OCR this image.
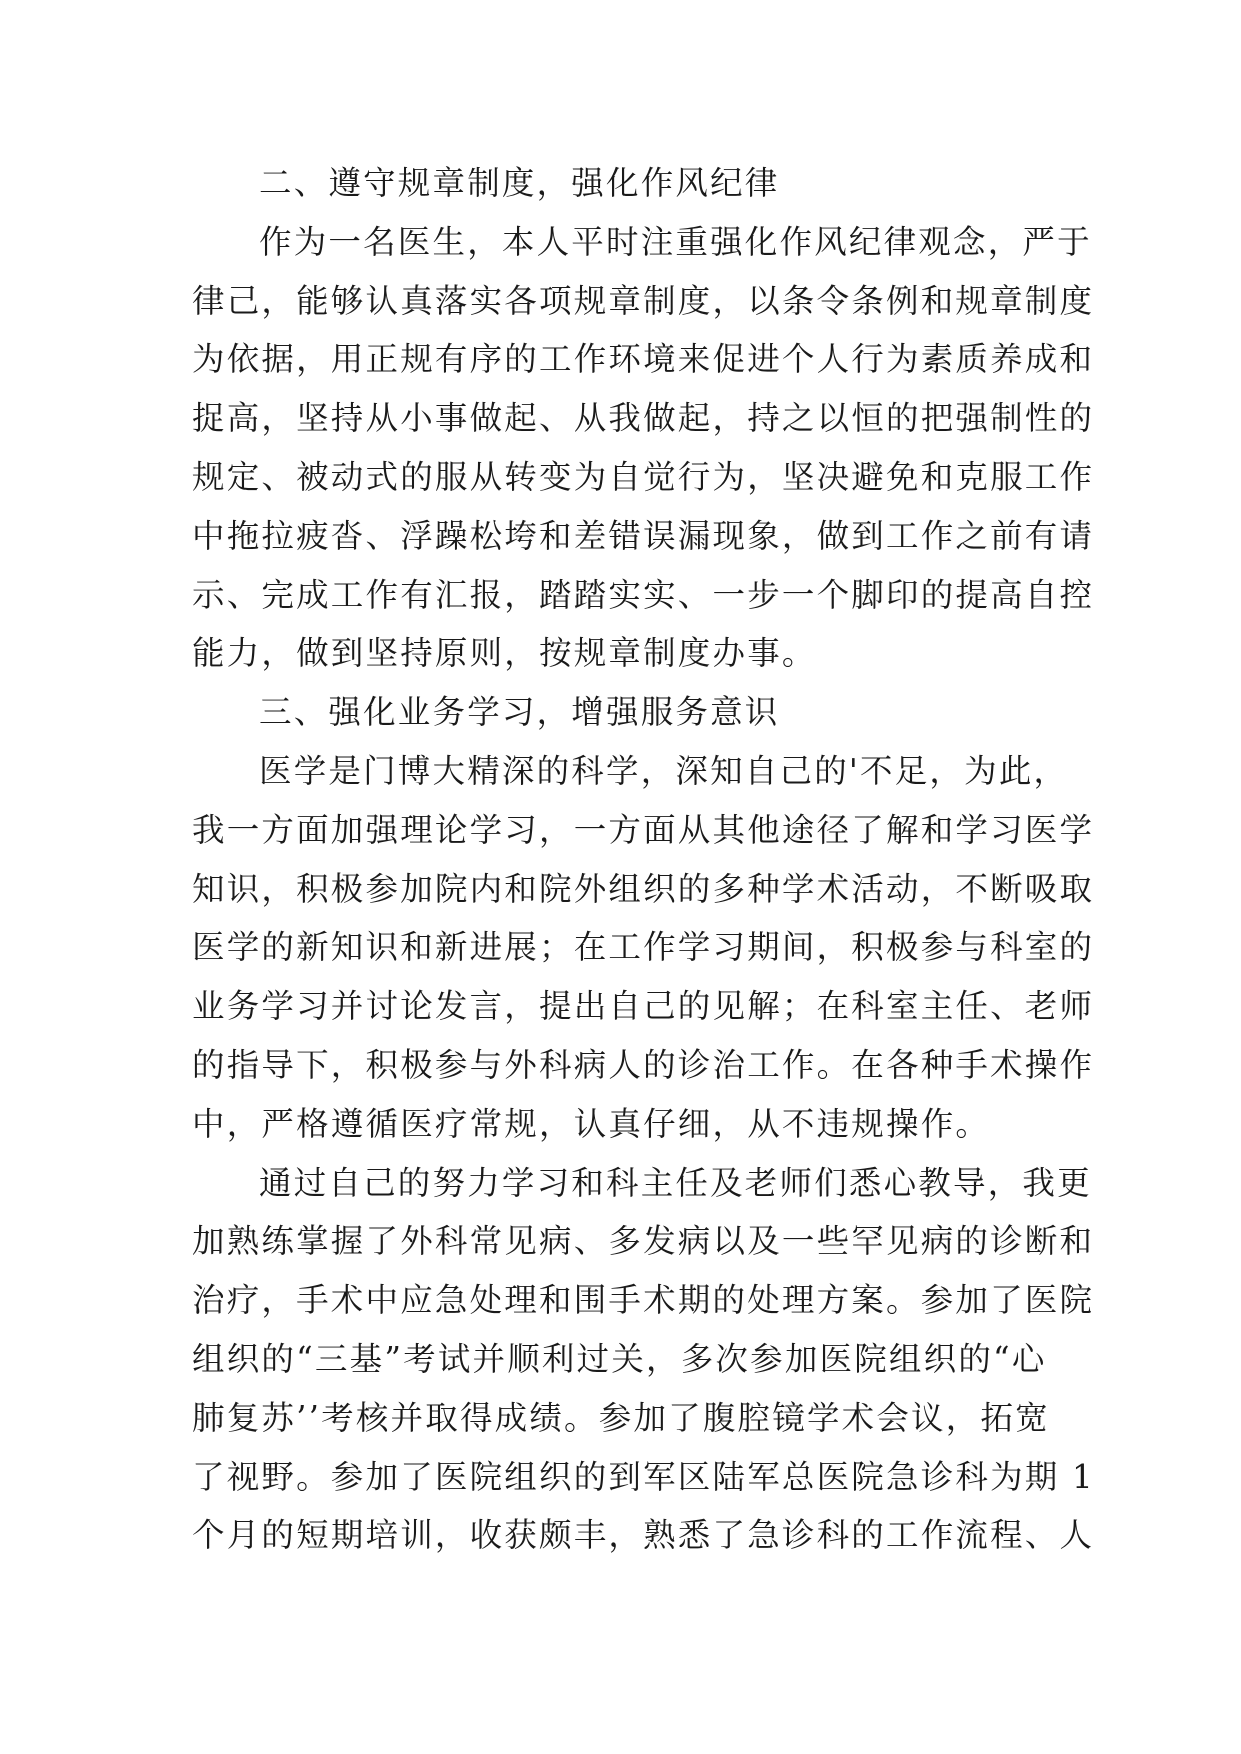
二、遵守规章制度，强化作风纪律
作为一名医生，本人平时注重强化作风纪律观念，严于
律己，能够认真落实各项规章制度，以条令条例和规章制度
为依据，用正规有序的工作环境来促进个人行为素质养成和
捉高，坚持从小事做起、从我做起，持之以恒的把强制性的
规定、被动式的服从转变为自觉行为，坚决避免和克服工作
中拖拉疲沓、浮躁松垮和差错误漏现象，做到工作之前有请
示、完成工作有汇报，踏踏实实、一步一个脚印的提高自控
能力，做到坚持原则，按规章制度办事。
三、强化业务学习，增强服务意识
医学是门博大精深的科学，深知自己的'不足，为此，
我一方面加强理论学习，一方面从其他途径了解和学习医学
知识，积极参加院内和院外组织的多种学术活动，不断吸取
医学的新知识和新进展；在工作学习期间，积极参与科室的
业务学习并讨论发言，提出自己的见解；在科室主任、老师
的指导下，积极参与外科病人的诊治工作。在各种手术操作
中，严格遵循医疗常规，认真仔细，从不违规操作。
通过自己的努力学习和科主任及老师们悉心教导，我更
加熟练掌握了外科常见病、多发病以及一些罕见病的诊断和
治疗，手术中应急处理和围手术期的处理方案。参加了医院
组织的“三基”考试并顺利过关，多次参加医院组织的“心
肺复苏’’考核并取得成绩。参加了腹腔镜学术会议，拓宽
了视野。参加了医院组织的到军区陆军总医院急诊科为期 1
个月的短期培训，收获颇丰，熟悉了急诊科的工作流程、人
